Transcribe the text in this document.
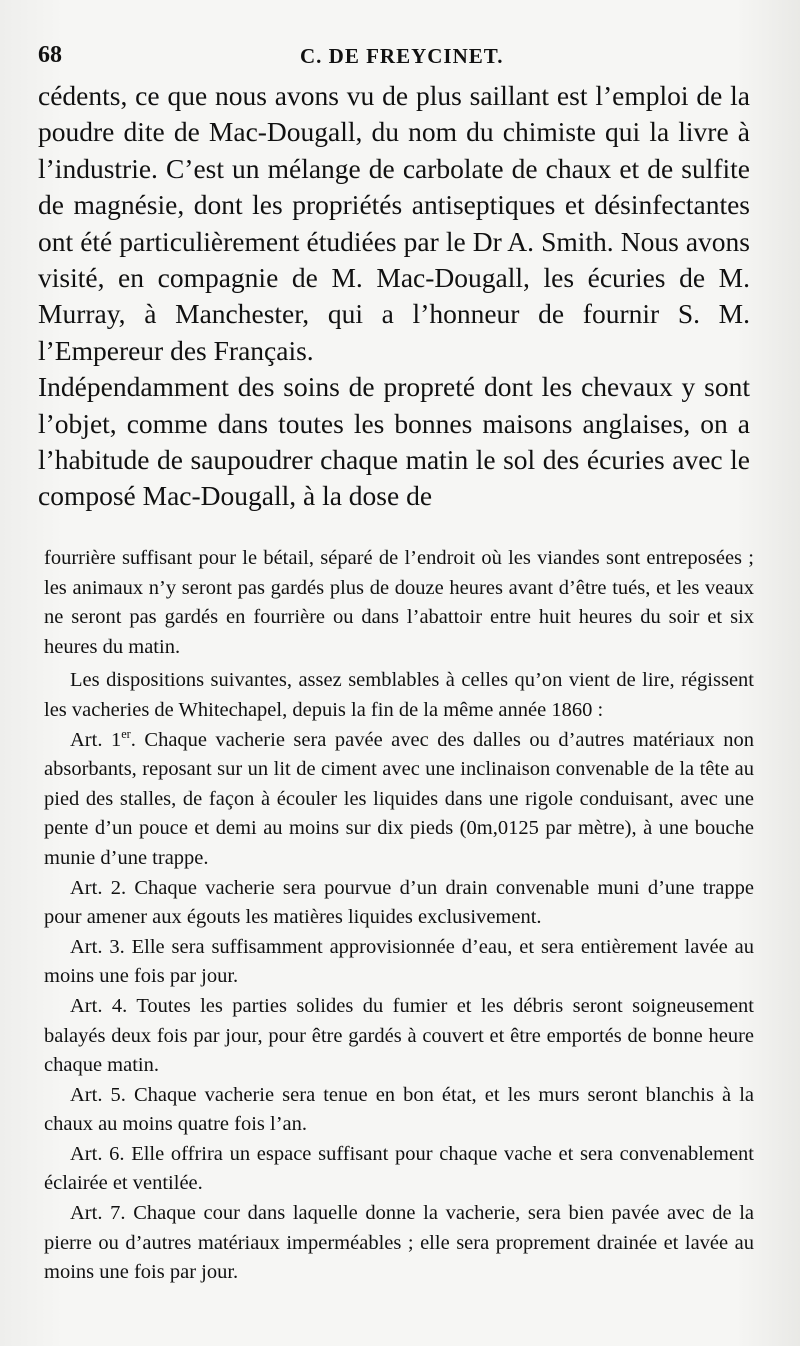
68	C. DE FREYCINET.

cédents, ce que nous avons vu de plus saillant est l’emploi de la poudre dite de Mac-Dougall, du nom du chimiste qui la livre à l’industrie. C’est un mélange de carbolate de chaux et de sulfite de magnésie, dont les propriétés antiseptiques et désinfectantes ont été particulièrement étudiées par le Dr A. Smith. Nous avons visité, en compagnie de M. Mac-Dougall, les écuries de M. Murray, à Manchester, qui a l’honneur de fournir S. M. l’Empereur des Français.

Indépendamment des soins de propreté dont les chevaux y sont l’objet, comme dans toutes les bonnes maisons anglaises, on a l’habitude de saupoudrer chaque matin le sol des écuries avec le composé Mac-Dougall, à la dose de

fourrière suffisant pour le bétail, séparé de l’endroit où les viandes sont entreposées ; les animaux n’y seront pas gardés plus de douze heures avant d’être tués, et les veaux ne seront pas gardés en fourrière ou dans l’abattoir entre huit heures du soir et six heures du matin.

Les dispositions suivantes, assez semblables à celles qu’on vient de lire, régissent les vacheries de Whitechapel, depuis la fin de la même année 1860 :

Art. 1er. Chaque vacherie sera pavée avec des dalles ou d’autres matériaux non absorbants, reposant sur un lit de ciment avec une inclinaison convenable de la tête au pied des stalles, de façon à écouler les liquides dans une rigole conduisant, avec une pente d’un pouce et demi au moins sur dix pieds (0m,0125 par mètre), à une bouche munie d’une trappe.

Art. 2. Chaque vacherie sera pourvue d’un drain convenable muni d’une trappe pour amener aux égouts les matières liquides exclusivement.

Art. 3. Elle sera suffisamment approvisionnée d’eau, et sera entièrement lavée au moins une fois par jour.

Art. 4. Toutes les parties solides du fumier et les débris seront soigneusement balayés deux fois par jour, pour être gardés à couvert et être emportés de bonne heure chaque matin.

Art. 5. Chaque vacherie sera tenue en bon état, et les murs seront blanchis à la chaux au moins quatre fois l’an.

Art. 6. Elle offrira un espace suffisant pour chaque vache et sera convenablement éclairée et ventilée.

Art. 7. Chaque cour dans laquelle donne la vacherie, sera bien pavée avec de la pierre ou d’autres matériaux imperméables ; elle sera proprement drainée et lavée au moins une fois par jour.
